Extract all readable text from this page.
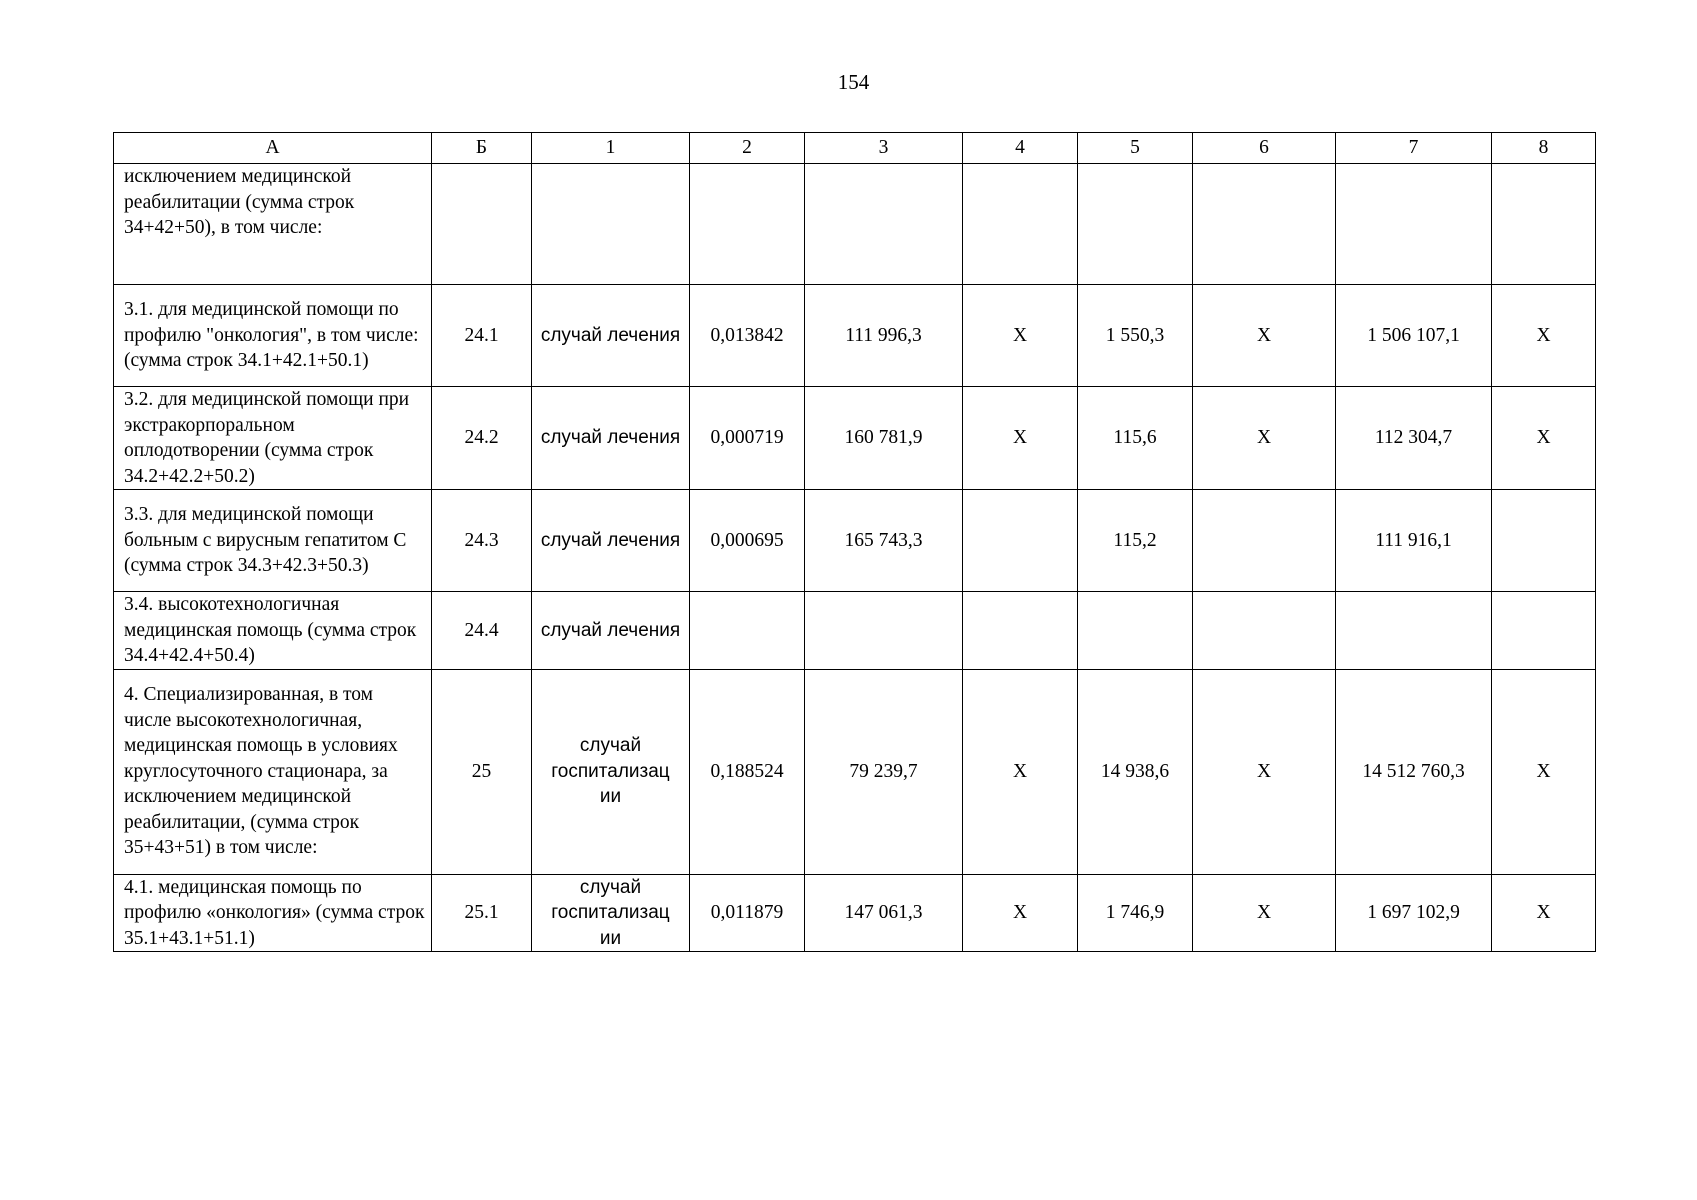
154
А	Б	1	2	3	4	5	6	7	8
исключением медицинской реабилитации (сумма строк 34+42+50), в том числе:									
3.1. для медицинской помощи по профилю "онкология", в том числе: (сумма строк 34.1+42.1+50.1)	24.1	случай лечения	0,013842	111 996,3	Х	1 550,3	Х	1 506 107,1	Х
3.2. для медицинской помощи при экстракорпоральном оплодотворении (сумма строк 34.2+42.2+50.2)	24.2	случай лечения	0,000719	160 781,9	Х	115,6	Х	112 304,7	Х
3.3. для медицинской помощи больным с вирусным гепатитом С (сумма строк 34.3+42.3+50.3)	24.3	случай лечения	0,000695	165 743,3		115,2		111 916,1	
3.4. высокотехнологичная медицинская помощь (сумма строк 34.4+42.4+50.4)	24.4	случай лечения							
4. Специализированная, в том числе высокотехнологичная, медицинская помощь в условиях круглосуточного стационара, за исключением медицинской реабилитации, (сумма строк 35+43+51) в том числе:	25	случай госпитализац ии	0,188524	79 239,7	Х	14 938,6	Х	14 512 760,3	Х
4.1. медицинская помощь по профилю «онкология» (сумма строк 35.1+43.1+51.1)	25.1	случай госпитализац ии	0,011879	147 061,3	Х	1 746,9	Х	1 697 102,9	Х
